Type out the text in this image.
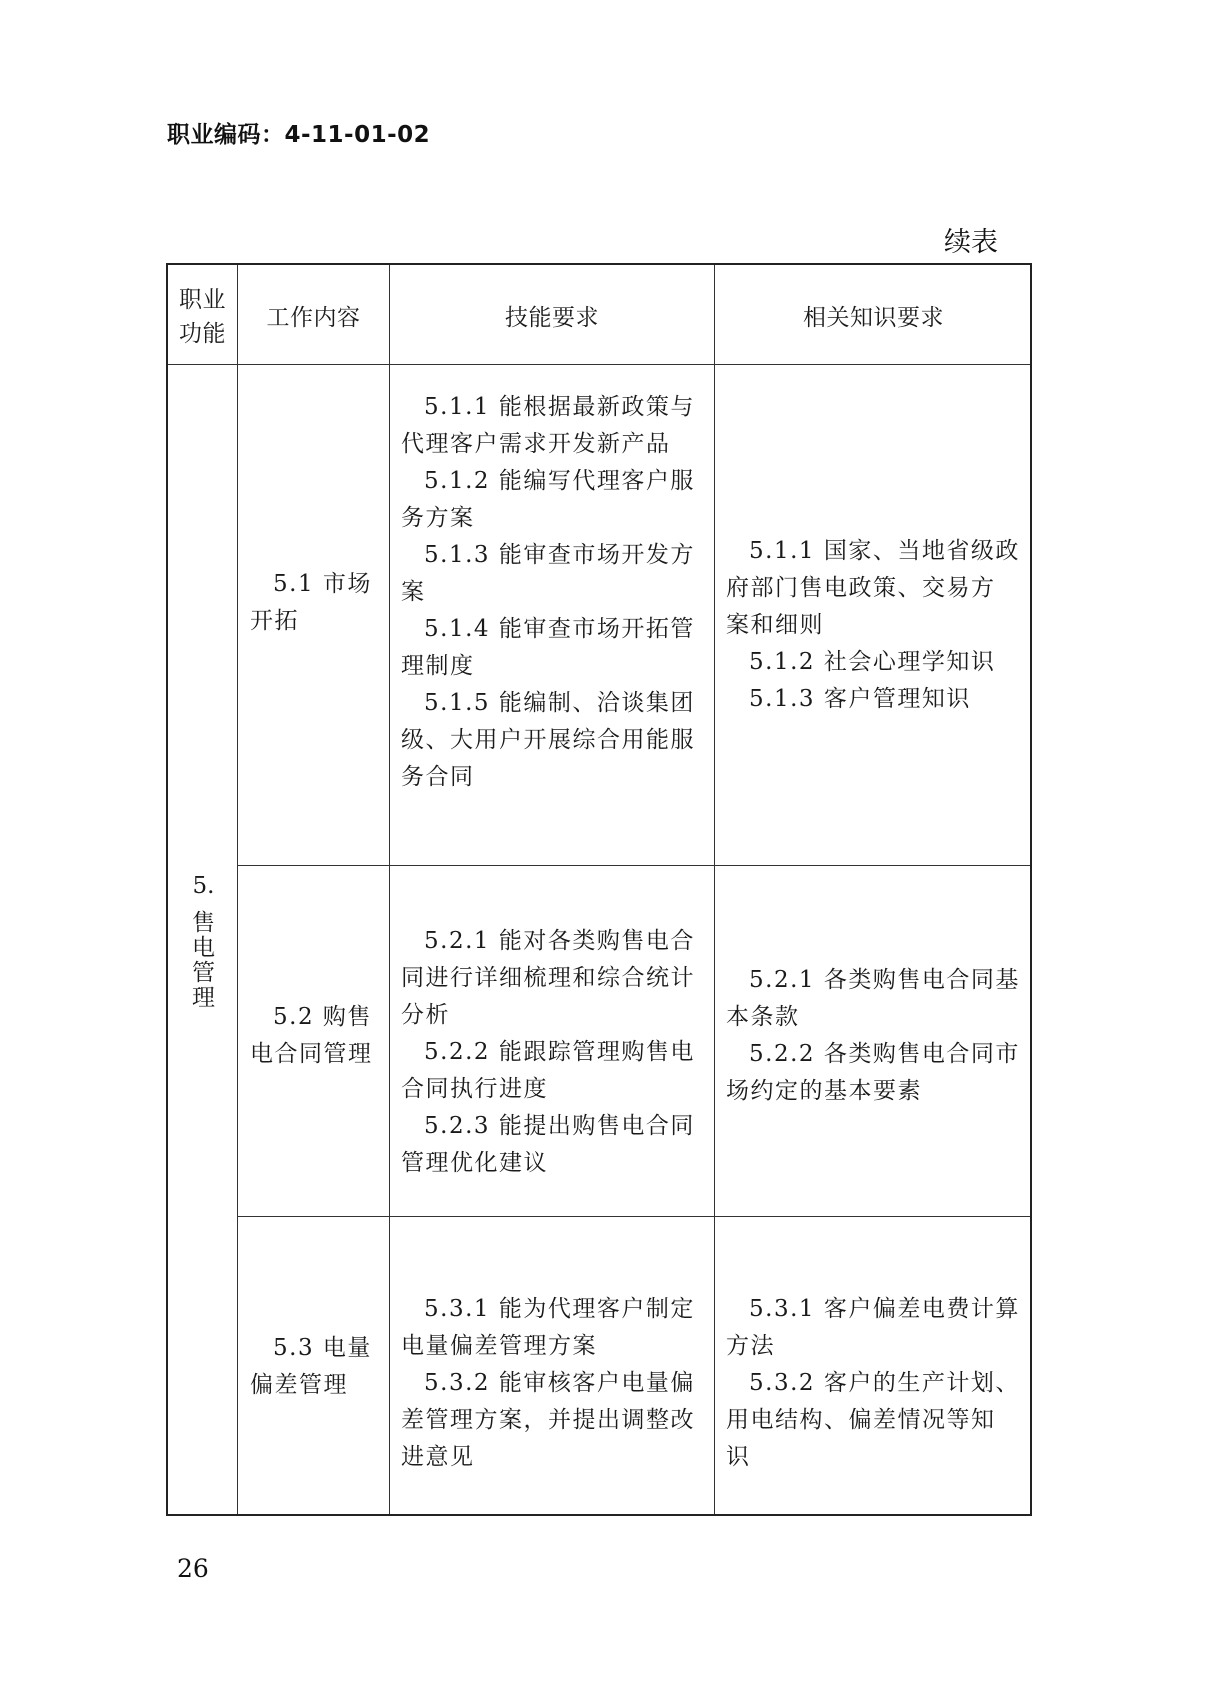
职业编码：4-11-01-02
续表
职业
功能
工作内容	技能要求	相关知识要求
5.
售
电
管
理
5.1 市场
开拓
5.1.1 能根据最新政策与
代理客户需求开发新产品
5.1.2 能编写代理客户服
务方案
5.1.3 能审查市场开发方
案
5.1.4 能审查市场开拓管
理制度
5.1.5 能编制、洽谈集团
级、大用户开展综合用能服
务合同
5.1.1 国家、当地省级政
府部门售电政策、交易方
案和细则
5.1.2 社会心理学知识
5.1.3 客户管理知识
5.2 购售
电合同管理
5.2.1 能对各类购售电合
同进行详细梳理和综合统计
分析
5.2.2 能跟踪管理购售电
合同执行进度
5.2.3 能提出购售电合同
管理优化建议
5.2.1 各类购售电合同基
本条款
5.2.2 各类购售电合同市
场约定的基本要素
5.3 电量
偏差管理
5.3.1 能为代理客户制定
电量偏差管理方案
5.3.2 能审核客户电量偏
差管理方案，并提出调整改
进意见
5.3.1 客户偏差电费计算
方法
5.3.2 客户的生产计划、
用电结构、偏差情况等知
识
26
